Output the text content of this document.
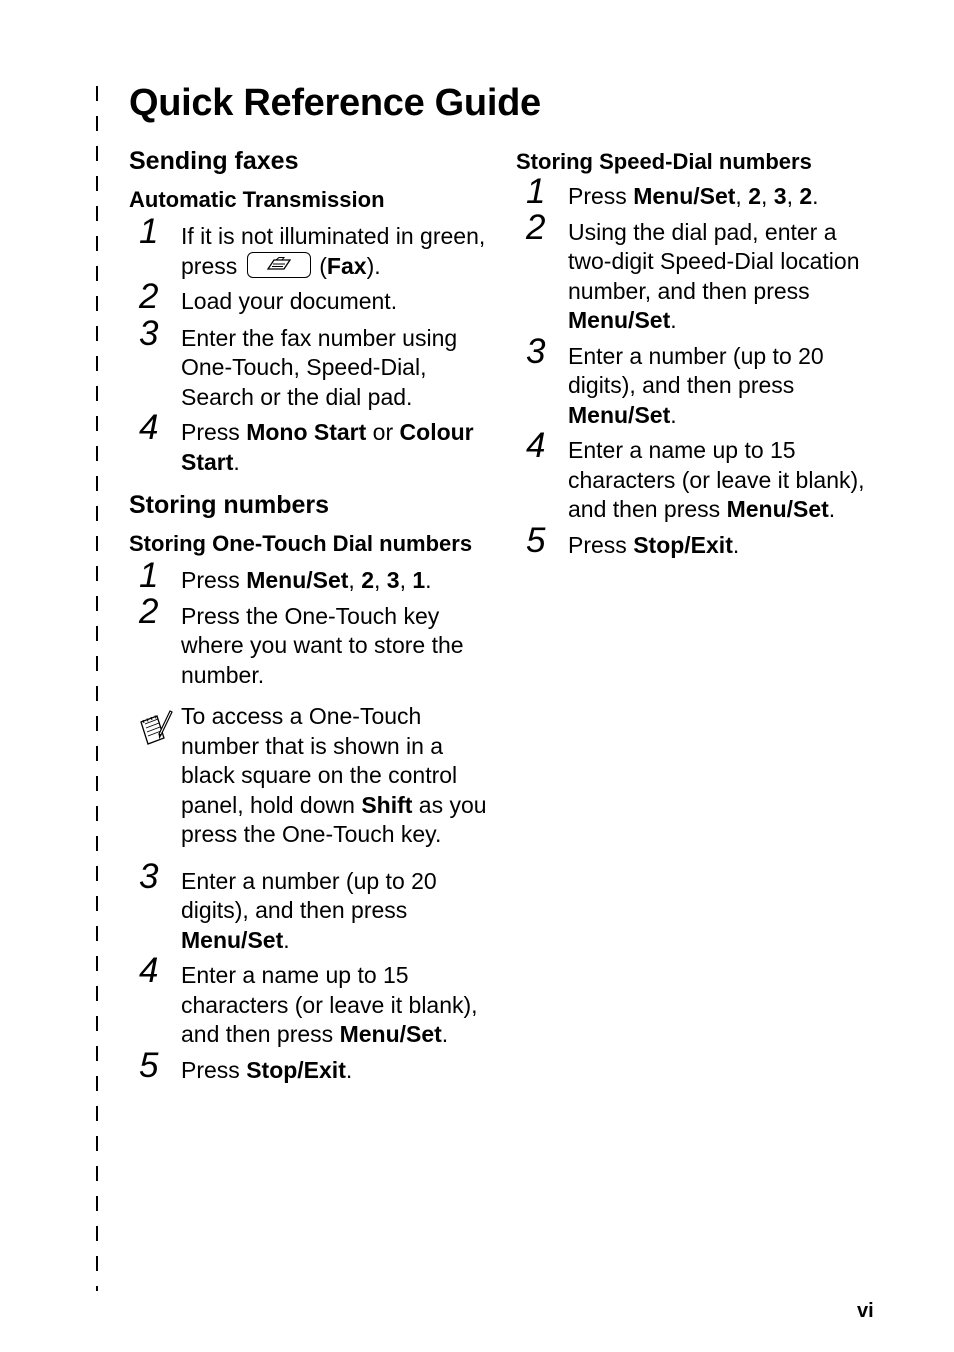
Quick Reference Guide
Sending faxes
Automatic Transmission
1 If it is not illuminated in green, press	(Fax).
2 Load your document.
3 Enter the fax number using One-Touch, Speed-Dial, Search or the dial pad.
4 Press Mono Start or Colour Start.
Storing numbers
Storing One-Touch Dial numbers
1 Press Menu/Set, 2, 3, 1.
2 Press the One-Touch key where you want to store the number.
To access a One-Touch number that is shown in a black square on the control panel, hold down Shift as you press the One-Touch key.
3 Enter a number (up to 20 digits), and then press Menu/Set.
4 Enter a name up to 15 characters (or leave it blank), and then press Menu/Set.
5 Press Stop/Exit.
Storing Speed-Dial numbers
1 Press Menu/Set, 2, 3, 2.
2 Using the dial pad, enter a two-digit Speed-Dial location number, and then press Menu/Set.
3 Enter a number (up to 20 digits), and then press Menu/Set.
4 Enter a name up to 15 characters (or leave it blank), and then press Menu/Set.
5 Press Stop/Exit.
vi
